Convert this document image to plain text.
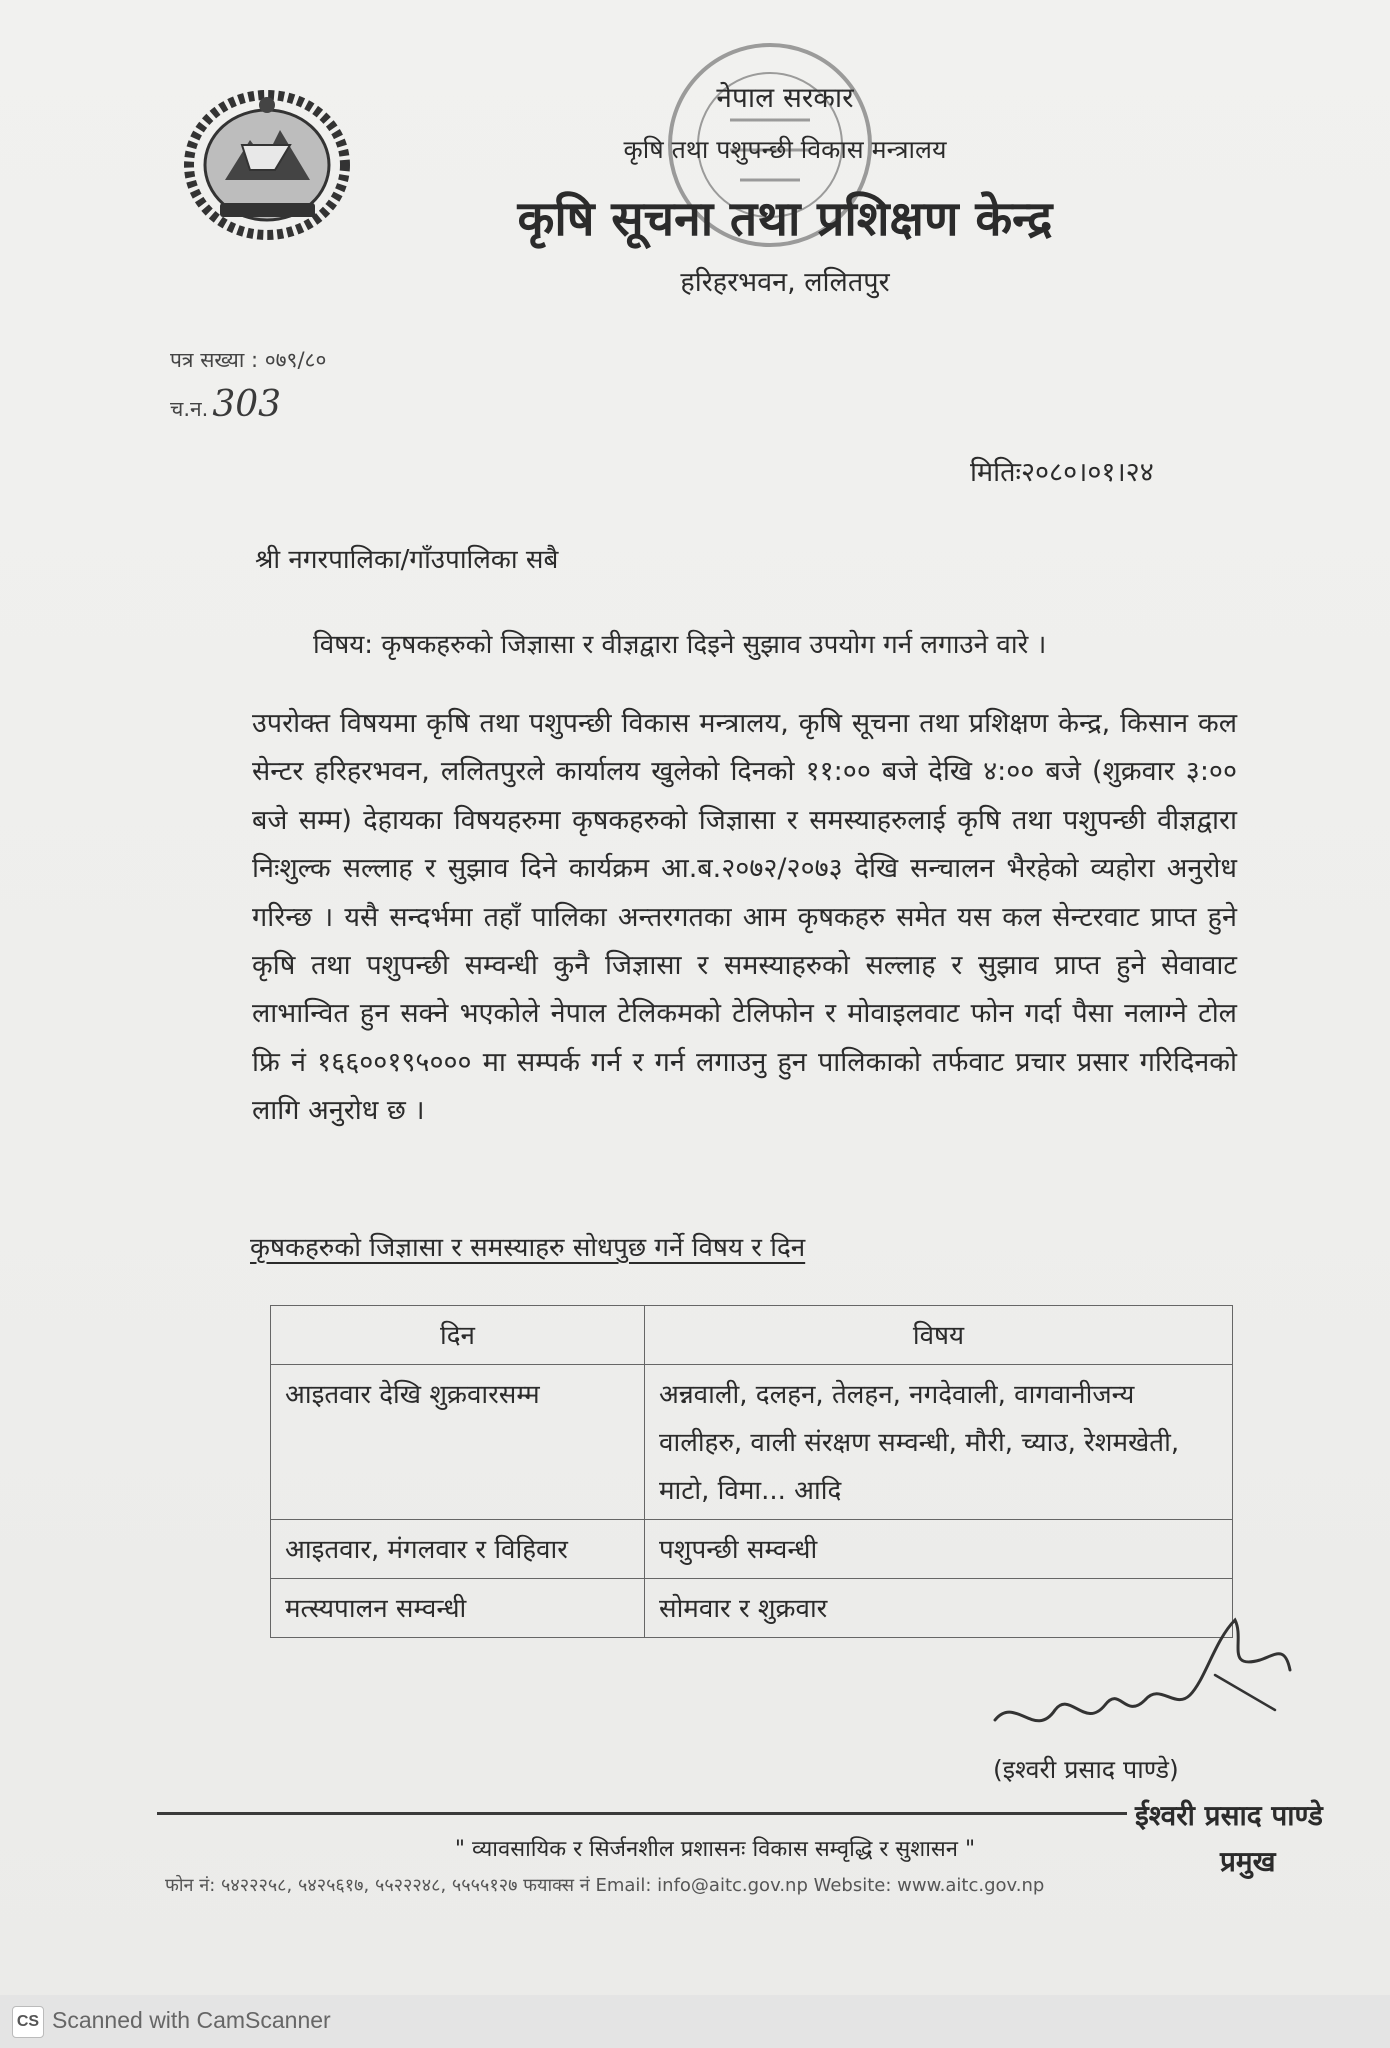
नेपाल सरकार
कृषि तथा पशुपन्छी विकास मन्त्रालय
कृषि सूचना तथा प्रशिक्षण केन्द्र
हरिहरभवन, ललितपुर
पत्र सख्या : ०७९/८०
च.न. 303
मितिः२०८०।०१।२४
श्री नगरपालिका/गाँउपालिका सबै
विषय: कृषकहरुको जिज्ञासा र वीज्ञद्वारा दिइने सुझाव उपयोग गर्न लगाउने वारे ।
उपरोक्त विषयमा कृषि तथा पशुपन्छी विकास मन्त्रालय, कृषि सूचना तथा प्रशिक्षण केन्द्र, किसान कल सेन्टर हरिहरभवन, ललितपुरले कार्यालय खुलेको दिनको ११:०० बजे देखि ४:०० बजे (शुक्रवार ३:०० बजे सम्म) देहायका विषयहरुमा कृषकहरुको जिज्ञासा र समस्याहरुलाई कृषि तथा पशुपन्छी वीज्ञद्वारा निःशुल्क सल्लाह र सुझाव दिने कार्यक्रम आ.ब.२०७२/२०७३ देखि सन्चालन भैरहेको व्यहोरा अनुरोध गरिन्छ । यसै सन्दर्भमा तहाँ पालिका अन्तरगतका आम कृषकहरु समेत यस कल सेन्टरवाट प्राप्त हुने कृषि तथा पशुपन्छी सम्वन्धी कुनै जिज्ञासा र समस्याहरुको सल्लाह र सुझाव प्राप्त हुने सेवावाट लाभान्वित हुन सक्ने भएकोले नेपाल टेलिकमको टेलिफोन र मोवाइलवाट फोन गर्दा पैसा नलाग्ने टोल फ्रि नं १६६००१९५००० मा सम्पर्क गर्न र गर्न लगाउनु हुन पालिकाको तर्फवाट प्रचार प्रसार गरिदिनको लागि अनुरोध छ ।
कृषकहरुको जिज्ञासा र समस्याहरु सोधपुछ गर्ने विषय र दिन
दिन	विषय
आइतवार देखि शुक्रवारसम्म	अन्नवाली, दलहन, तेलहन, नगदेवाली, वागवानीजन्य वालीहरु, वाली संरक्षण सम्वन्धी, मौरी, च्याउ, रेशमखेती, माटो, विमा... आदि
आइतवार, मंगलवार र विहिवार	पशुपन्छी सम्वन्धी
मत्स्यपालन सम्वन्धी	सोमवार र शुक्रवार
(इश्वरी प्रसाद पाण्डे)
ईश्वरी प्रसाद पाण्डे
प्रमुख
" व्यावसायिक र सिर्जनशील प्रशासनः विकास सम्वृद्धि र सुशासन "
फोन नं: ५४२२२५८, ५४२५६१७, ५५२२२४८, ५५५५१२७ फयाक्स नं Email: info@aitc.gov.np Website: www.aitc.gov.np
CS Scanned with CamScanner
